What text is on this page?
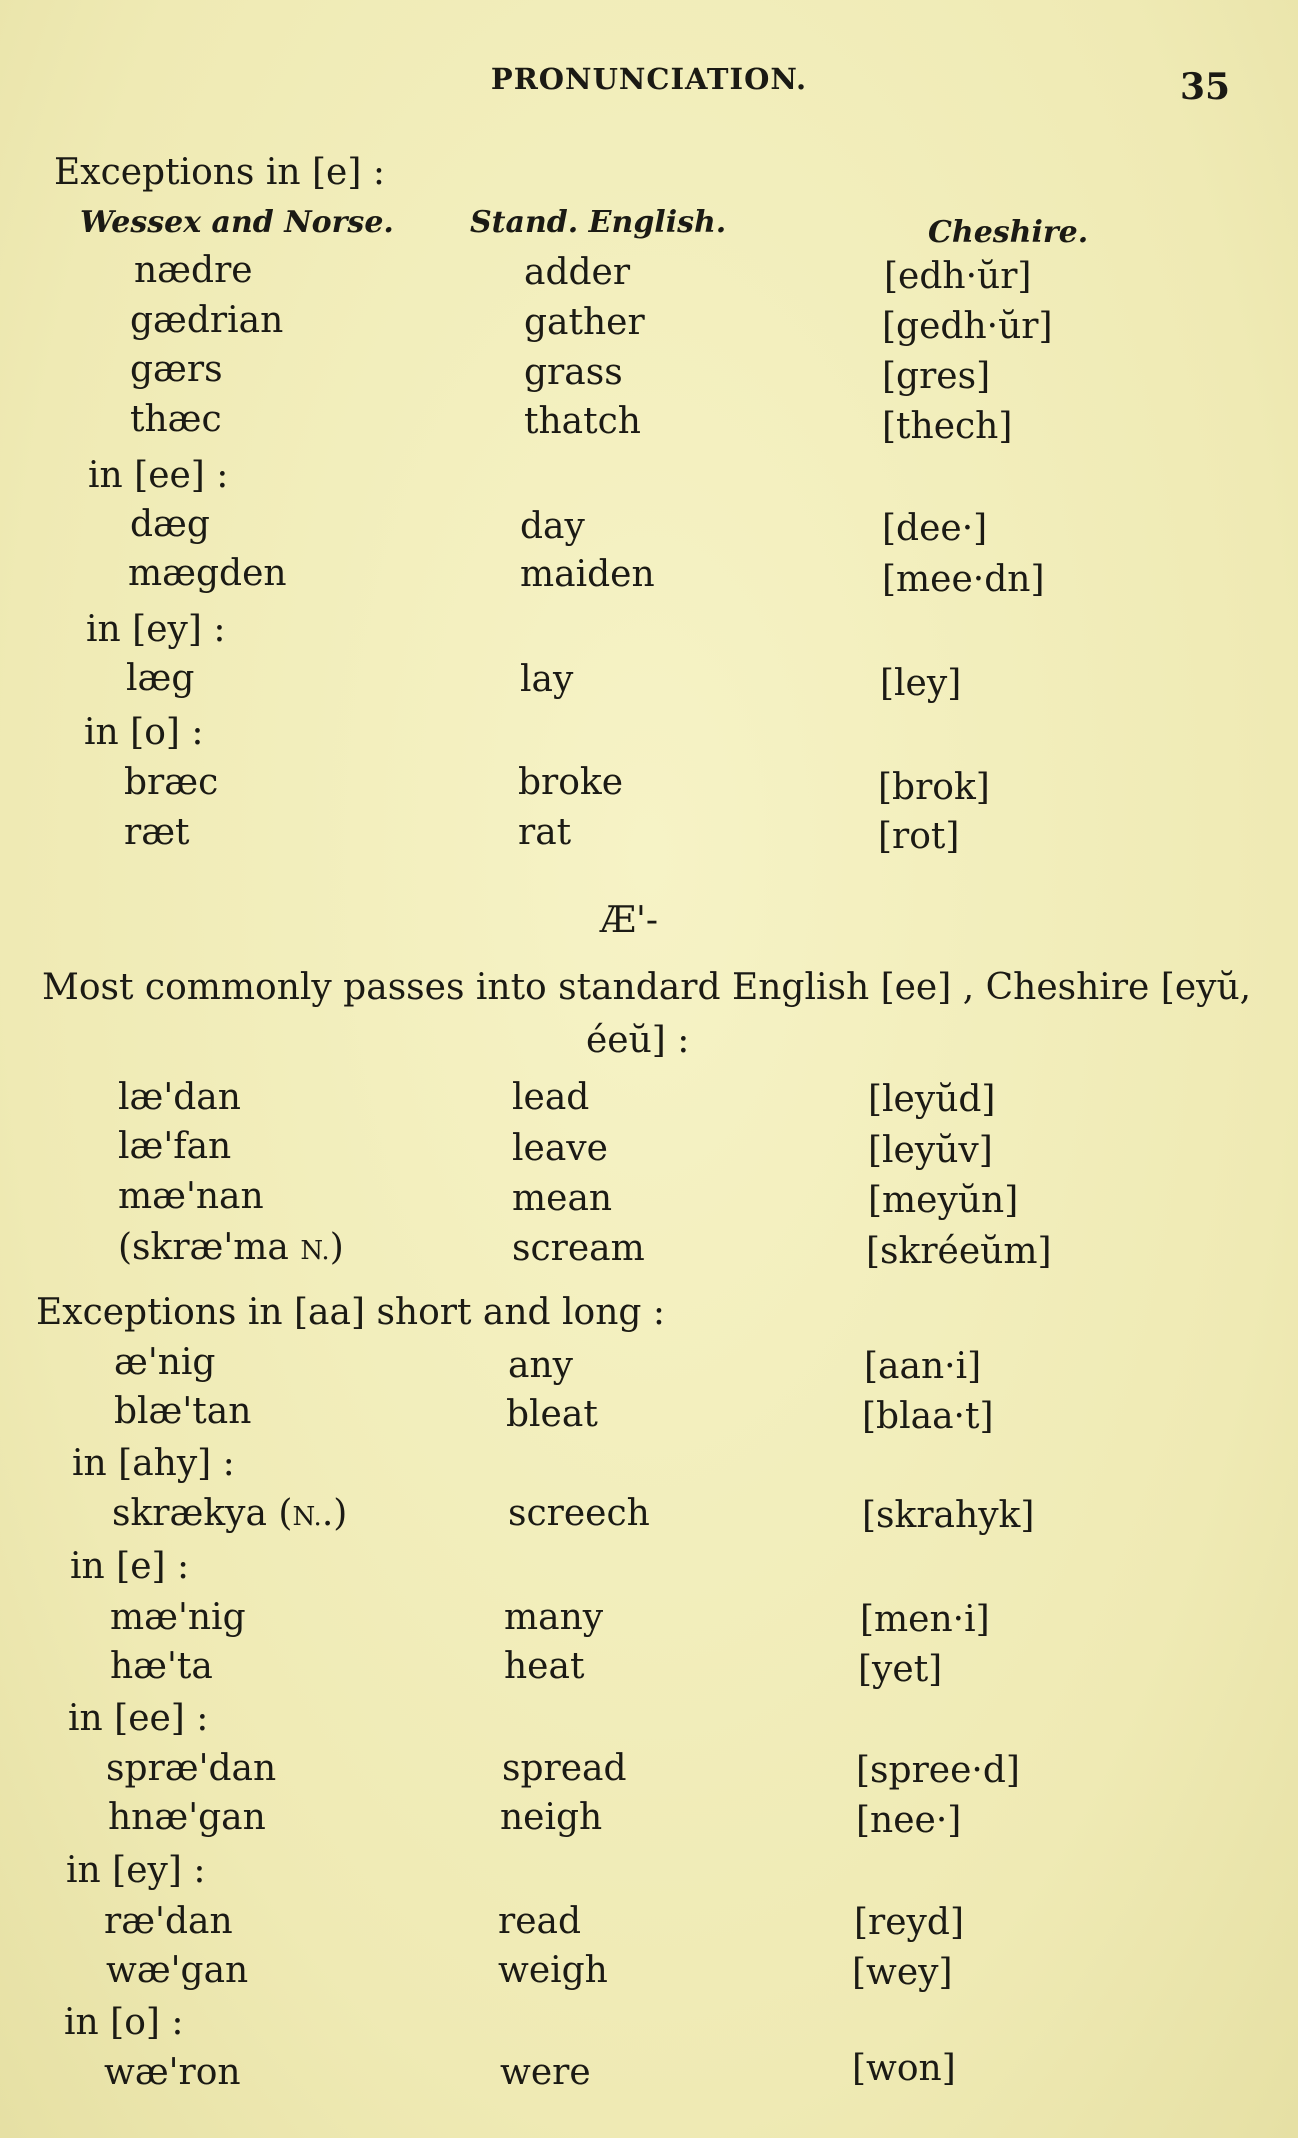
PRONUNCIATION.	35
Exceptions in [e] :
Wessex and Norse.	Stand. English.	Cheshire.
nædre	adder	[edh·ŭr]
gædrian	gather	[gedh·ŭr]
gærs	grass	[gres]
thæc	thatch	[thech]
in [ee] :
dæg	day	[dee·]
mægden	maiden	[mee·dn]
in [ey] :
læg	lay	[ley]
in [o] :
bræc	broke	[brok]
ræt	rat	[rot]
Æ'-
Most commonly passes into standard English [ee] , Cheshire [eyŭ,
éeŭ] :
læ'dan	lead	[leyŭd]
læ'fan	leave	[leyŭv]
mæ'nan	mean	[meyŭn]
(skræ'ma N.)	scream	[skréeŭm]
Exceptions in [aa] short and long :
æ'nig	any	[aan·i]
blæ'tan	bleat	[blaa·t]
in [ahy] :
skrækya (N..)	screech	[skrahyk]
in [e] :
mæ'nig	many	[men·i]
hæ'ta	heat	[yet]
in [ee] :
spræ'dan	spread	[spree·d]
hnæ'gan	neigh	[nee·]
in [ey] :
ræ'dan	read	[reyd]
wæ'gan	weigh	[wey]
in [o] :
wæ'ron	were	[won]
